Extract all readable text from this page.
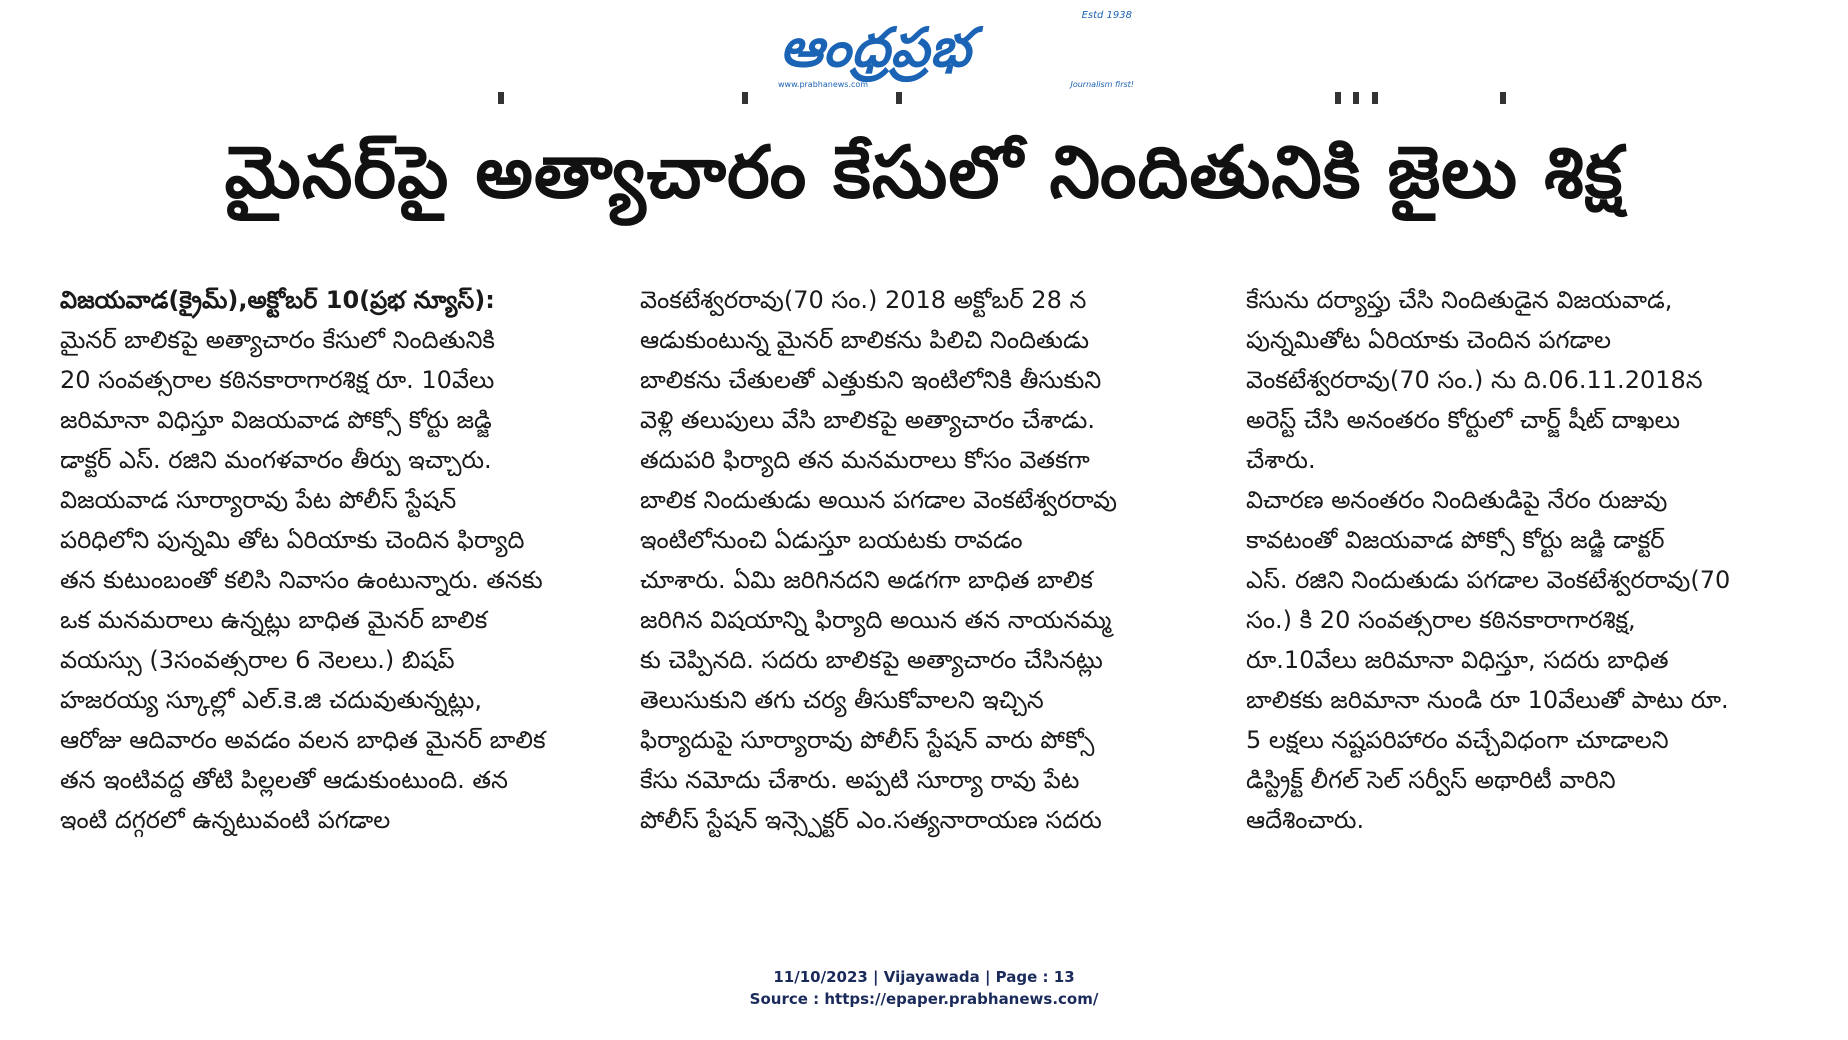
ఆంధ్రప్రభ
Estd 1938
www.prabhanews.com	Journalism first!
మైనర్‌పై అత్యాచారం కేసులో నిందితునికి జైలు శిక్ష

విజయవాడ(క్రైమ్),అక్టోబర్ 10(ప్రభ న్యూస్):

మైనర్ బాలికపై అత్యాచారం కేసులో నిందితునికి

20 సంవత్సరాల కఠినకారాగారశిక్ష రూ. 10వేలు

జరిమానా విధిస్తూ విజయవాడ పోక్సో కోర్టు జడ్జి

డాక్టర్ ఎస్. రజిని మంగళవారం తీర్పు ఇచ్చారు.

విజయవాడ సూర్యారావు పేట పోలీస్ స్టేషన్

పరిధిలోని పున్నమి తోట ఏరియాకు చెందిన ఫిర్యాది

తన కుటుంబంతో కలిసి నివాసం ఉంటున్నారు. తనకు

ఒక మనమరాలు ఉన్నట్లు బాధిత మైనర్ బాలిక

వయస్సు (3సంవత్సరాల 6 నెలలు.) బిషప్

హజరయ్య స్కూల్లో ఎల్.కె.జి చదువుతున్నట్లు,

ఆరోజు ఆదివారం అవడం వలన బాధిత మైనర్ బాలిక

తన ఇంటివద్ద తోటి పిల్లలతో ఆడుకుంటుంది. తన

ఇంటి దగ్గరలో ఉన్నటువంటి పగడాల

వెంకటేశ్వరరావు(70 సం.) 2018 అక్టోబర్ 28 న

ఆడుకుంటున్న మైనర్ బాలికను పిలిచి నిందితుడు

బాలికను చేతులతో ఎత్తుకుని ఇంటిలోనికి తీసుకుని

వెళ్లి తలుపులు వేసి బాలికపై అత్యాచారం చేశాడు.

తదుపరి ఫిర్యాది తన మనమరాలు కోసం వెతకగా

బాలిక నిందుతుడు అయిన పగడాల వెంకటేశ్వరరావు

ఇంటిలోనుంచి ఏడుస్తూ బయటకు రావడం

చూశారు. ఏమి జరిగినదని అడగగా బాధిత బాలిక

జరిగిన విషయాన్ని ఫిర్యాది అయిన తన నాయనమ్మ

కు చెప్పినది. సదరు బాలికపై అత్యాచారం చేసినట్లు

తెలుసుకుని తగు చర్య తీసుకోవాలని ఇచ్చిన

ఫిర్యాదుపై సూర్యారావు పోలీస్ స్టేషన్ వారు పోక్సో

కేసు నమోదు చేశారు. అప్పటి సూర్యా రావు పేట

పోలీస్ స్టేషన్ ఇన్స్పెక్టర్ ఎం.సత్యనారాయణ సదరు

కేసును దర్యాప్తు చేసి నిందితుడైన విజయవాడ,

పున్నమితోట ఏరియాకు చెందిన పగడాల

వెంకటేశ్వరరావు(70 సం.) ను ది.06.11.2018న

అరెస్ట్ చేసి అనంతరం కోర్టులో చార్జ్ షీట్ దాఖలు

చేశారు.

విచారణ అనంతరం నిందితుడిపై నేరం రుజువు

కావటంతో విజయవాడ పోక్సో కోర్టు జడ్జి డాక్టర్

ఎస్. రజిని నిందుతుడు పగడాల వెంకటేశ్వరరావు(70

సం.) కి 20 సంవత్సరాల కఠినకారాగారశిక్ష,

రూ.10వేలు జరిమానా విధిస్తూ, సదరు బాధిత

బాలికకు జరిమానా నుండి రూ 10వేలుతో పాటు రూ.

5 లక్షలు నష్టపరిహారం వచ్చేవిధంగా చూడాలని

డిస్ట్రిక్ట్ లీగల్ సెల్ సర్వీస్ అథారిటీ వారిని

ఆదేశించారు.

11/10/2023 | Vijayawada | Page : 13
Source : https://epaper.prabhanews.com/
